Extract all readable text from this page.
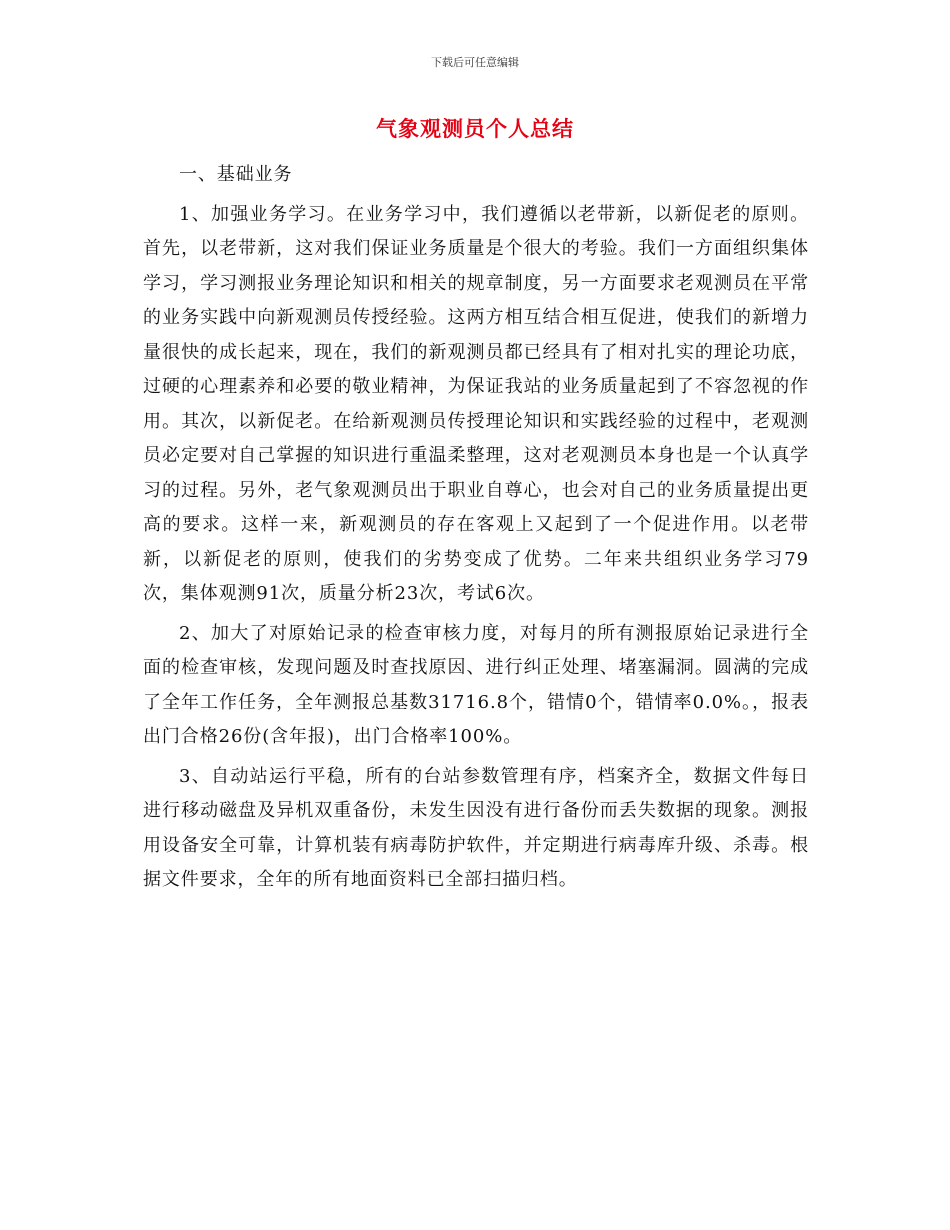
下载后可任意编辑
气象观测员个人总结

一、基础业务

1、加强业务学习。在业务学习中，我们遵循以老带新，以新促老的原则。首先，以老带新，这对我们保证业务质量是个很大的考验。我们一方面组织集体学习，学习测报业务理论知识和相关的规章制度，另一方面要求老观测员在平常的业务实践中向新观测员传授经验。这两方相互结合相互促进，使我们的新增力量很快的成长起来，现在，我们的新观测员都已经具有了相对扎实的理论功底，过硬的心理素养和必要的敬业精神，为保证我站的业务质量起到了不容忽视的作用。其次，以新促老。在给新观测员传授理论知识和实践经验的过程中，老观测员必定要对自己掌握的知识进行重温柔整理，这对老观测员本身也是一个认真学习的过程。另外，老气象观测员出于职业自尊心，也会对自己的业务质量提出更高的要求。这样一来，新观测员的存在客观上又起到了一个促进作用。以老带新，以新促老的原则，使我们的劣势变成了优势。二年来共组织业务学习79次，集体观测91次，质量分析23次，考试6次。

2、加大了对原始记录的检查审核力度，对每月的所有测报原始记录进行全面的检查审核，发现问题及时查找原因、进行纠正处理、堵塞漏洞。圆满的完成了全年工作任务，全年测报总基数31716.8个，错情0个，错情率0.0%。，报表出门合格26份(含年报)，出门合格率100%。

3、自动站运行平稳，所有的台站参数管理有序，档案齐全，数据文件每日进行移动磁盘及异机双重备份，未发生因没有进行备份而丢失数据的现象。测报用设备安全可靠，计算机装有病毒防护软件，并定期进行病毒库升级、杀毒。根据文件要求，全年的所有地面资料已全部扫描归档。
